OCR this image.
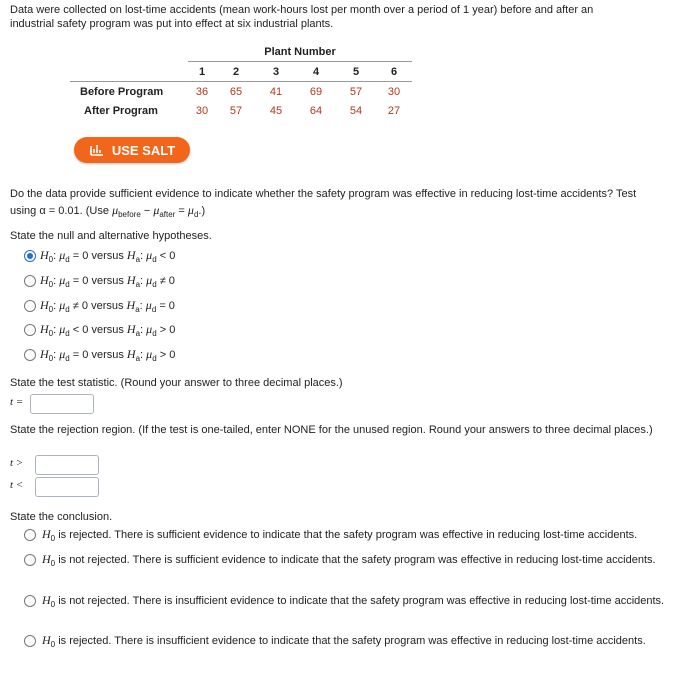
Data were collected on lost-time accidents (mean work-hours lost per month over a period of 1 year) before and after an industrial safety program was put into effect at six industrial plants.
	Plant Number					
	1	2	3	4	5	6
Before Program	36	65	41	69	57	30
After Program	30	57	45	64	54	27
USE SALT
Do the data provide sufficient evidence to indicate whether the safety program was effective in reducing lost-time accidents? Test
using α = 0.01. (Use $\mu_{before} - \mu_{after} = \mu_d$.)
State the null and alternative hypotheses.
$H_0$: $\mu_d = 0$ versus $H_a$: $\mu_d < 0$
$H_0$: $\mu_d = 0$ versus $H_a$: $\mu_d \ne 0$
$H_0$: $\mu_d \ne 0$ versus $H_a$: $\mu_d = 0$
$H_0$: $\mu_d < 0$ versus $H_a$: $\mu_d > 0$
$H_0$: $\mu_d = 0$ versus $H_a$: $\mu_d > 0$
State the test statistic. (Round your answer to three decimal places.)
t =
State the rejection region. (If the test is one-tailed, enter NONE for the unused region. Round your answers to three decimal places.)
t >
t <
State the conclusion.
$H_0$ is rejected. There is sufficient evidence to indicate that the safety program was effective in reducing lost-time accidents.
$H_0$ is not rejected. There is sufficient evidence to indicate that the safety program was effective in reducing lost-time accidents.
$H_0$ is not rejected. There is insufficient evidence to indicate that the safety program was effective in reducing lost-time accidents.
$H_0$ is rejected. There is insufficient evidence to indicate that the safety program was effective in reducing lost-time accidents.
